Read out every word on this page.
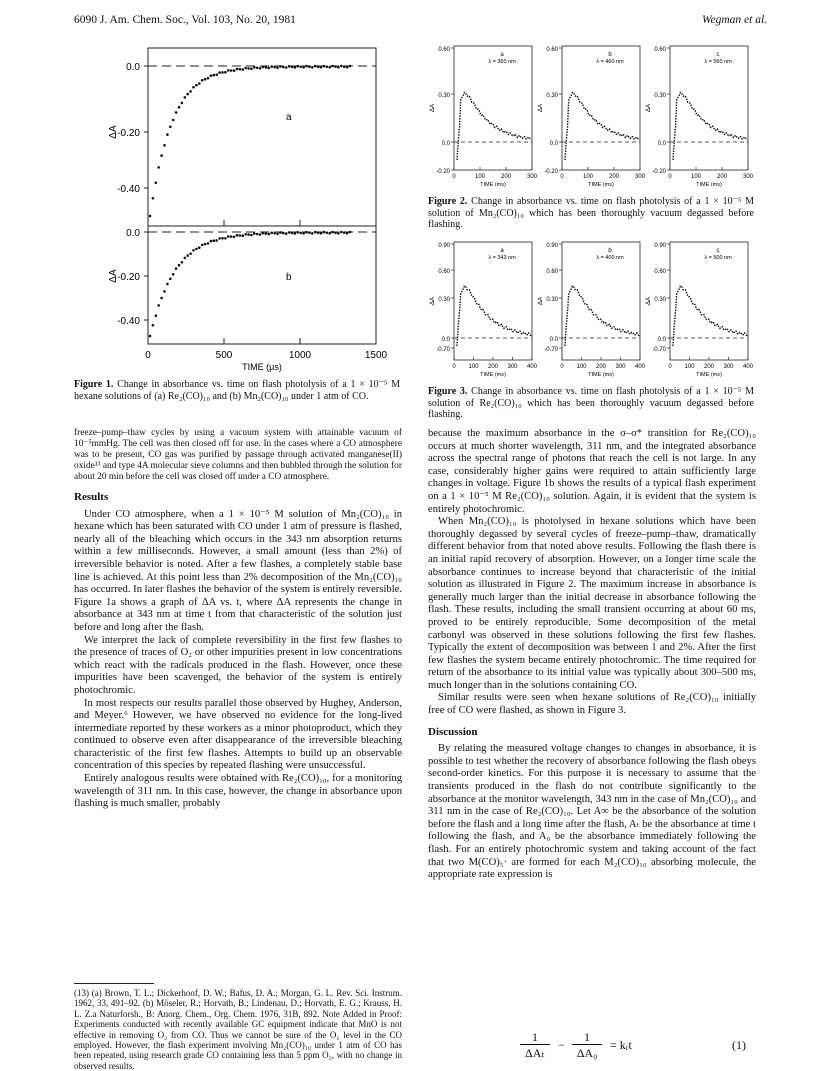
6090 J. Am. Chem. Soc., Vol. 103, No. 20, 1981	Wegman et al.
0.0
-0.20
-0.40
ΔA
a
0.0
-0.20
-0.40
ΔA	b
0	500	1000	1500
TIME (μs)
Figure 1. Change in absorbance vs. time on flash photolysis of a 1 × 10⁻⁵ M hexane solutions of (a) Re₂(CO)₁₀ and (b) Mn₂(CO)₁₀ under 1 atm of CO.
0.60
0.30
0.0
-0.20
0	100	200	300
TIME (ms)
ΔA
a
λ = 360 nm
0.60
0.30
0.0
-0.20
0	100	200	300
TIME (ms)
ΔA
b
λ = 460 nm
0.60
0.30
0.0
-0.20
0	100	200	300
TIME (ms)
ΔA
c
λ = 560 nm
Figure 2. Change in absorbance vs. time on flash photolysis of a 1 × 10⁻⁵ M solution of Mn₂(CO)₁₀ which has been thoroughly vacuum degassed before flashing.
0.90
0.60
0.30
0.0
-0.70
0 100 200 300 400
TIME (ms)
ΔA
a
λ = 343 nm
0.90
0.60
0.30
0.0
-0.70
0 100 200 300 400
TIME (ms)
ΔA
b
λ = 400 nm
0.90
0.60
0.30
0.0
-0.70
0 100 200 300 400
TIME (ms)
ΔA
c
λ = 500 nm
Figure 3. Change in absorbance vs. time on flash photolysis of a 1 × 10⁻⁵ M solution of Re₂(CO)₁₀ which has been thoroughly vacuum degassed before flashing.

freeze–pump–thaw cycles by using a vacuum system with attainable vacuum of 10⁻⁵mmHg. The cell was then closed off for use. In the cases where a CO atmosphere was to be present, CO gas was purified by passage through activated manganese(II) oxide¹³ and type 4A molecular sieve columns and then bubbled through the solution for about 20 min before the cell was closed off under a CO atmosphere.

Results

Under CO atmosphere, when a 1 × 10⁻⁵ M solution of Mn₂(CO)₁₀ in hexane which has been saturated with CO under 1 atm of pressure is flashed, nearly all of the bleaching which occurs in the 343 nm absorption returns within a few milliseconds. However, a small amount (less than 2%) of irreversible behavior is noted. After a few flashes, a completely stable base line is achieved. At this point less than 2% decomposition of the Mn₂(CO)₁₀ has occurred. In later flashes the behavior of the system is entirely reversible. Figure 1a shows a graph of ΔA vs. t, where ΔA represents the change in absorbance at 343 nm at time t from that characteristic of the solution just before and long after the flash.

We interpret the lack of complete reversibility in the first few flashes to the presence of traces of O₂ or other impurities present in low concentrations which react with the radicals produced in the flash. However, once these impurities have been scavenged, the behavior of the system is entirely photochromic.

In most respects our results parallel those observed by Hughey, Anderson, and Meyer.⁶ However, we have observed no evidence for the long-lived intermediate reported by these workers as a minor photoproduct, which they continued to observe even after disappearance of the irreversible bleaching characteristic of the first few flashes. Attempts to build up an observable concentration of this species by repeated flashing were unsuccessful.

Entirely analogous results were obtained with Re₂(CO)₁₀, for a monitoring wavelength of 311 nm. In this case, however, the change in absorbance upon flashing is much smaller, probably

(13) (a) Brown, T. L.; Dickerhoof, D. W.; Bafus, D. A.; Morgan, G. L. Rev. Sci. Instrum. 1962, 33, 491–92. (b) Möseler, R.; Horvath, B.; Lindenau, D.; Horvath, E. G.; Krauss, H. L. Z.a Naturforsh., B: Anorg. Chem., Org. Chem. 1976, 31B, 892. Note Added in Proof: Experiments conducted with recently available GC equipment indicate that MnO is not effective in removing O₂ from CO. Thus we cannot be sure of the O₂ level in the CO employed. However, the flash experiment involving Mn₂(CO)₁₀ under 1 atm of CO has been repeated, using research grade CO containing less than 5 ppm O₂, with no change in observed results.

because the maximum absorbance in the σ–σ* transition for Re₂(CO)₁₀ occurs at much shorter wavelength, 311 nm, and the integrated absorbance across the spectral range of photons that reach the cell is not large. In any case, considerably higher gains were required to attain sufficiently large changes in voltage. Figure 1b shows the results of a typical flash experiment on a 1 × 10⁻⁵ M Re₂(CO)₁₀ solution. Again, it is evident that the system is entirely photochromic.

When Mn₂(CO)₁₀ is photolysed in hexane solutions which have been thoroughly degassed by several cycles of freeze–pump–thaw, dramatically different behavior from that noted above results. Following the flash there is an initial rapid recovery of absorption. However, on a longer time scale the absorbance continues to increase beyond that characteristic of the initial solution as illustrated in Figure 2. The maximum increase in absorbance is generally much larger than the initial decrease in absorbance following the flash. These results, including the small transient occurring at about 60 ms, proved to be entirely reproducible. Some decomposition of the metal carbonyl was observed in these solutions following the first few flashes. Typically the extent of decomposition was between 1 and 2%. After the first few flashes the system became entirely photochromic. The time required for return of the absorbance to its initial value was typically about 300–500 ms, much longer than in the solutions containing CO.

Similar results were seen when hexane solutions of Re₂(CO)₁₀ initially free of CO were flashed, as shown in Figure 3.

Discussion

By relating the measured voltage changes to changes in absorbance, it is possible to test whether the recovery of absorbance following the flash obeys second-order kinetics. For this purpose it is necessary to assume that the transients produced in the flash do not contribute significantly to the absorbance at the monitor wavelength, 343 nm in the case of Mn₂(CO)₁₀ and 311 nm in the case of Re₂(CO)₁₀. Let A∞ be the absorbance of the solution before the flash and a long time after the flash, Aₜ be the absorbance at time t following the flash, and A₀ be the absorbance immediately following the flash. For an entirely photochromic system and taking account of the fact that two M(CO)₅· are formed for each M₂(CO)₁₀ absorbing molecule, the appropriate rate expression is

1
ΔAₜ
−
1
ΔA₀
= kᵣt	(1)
